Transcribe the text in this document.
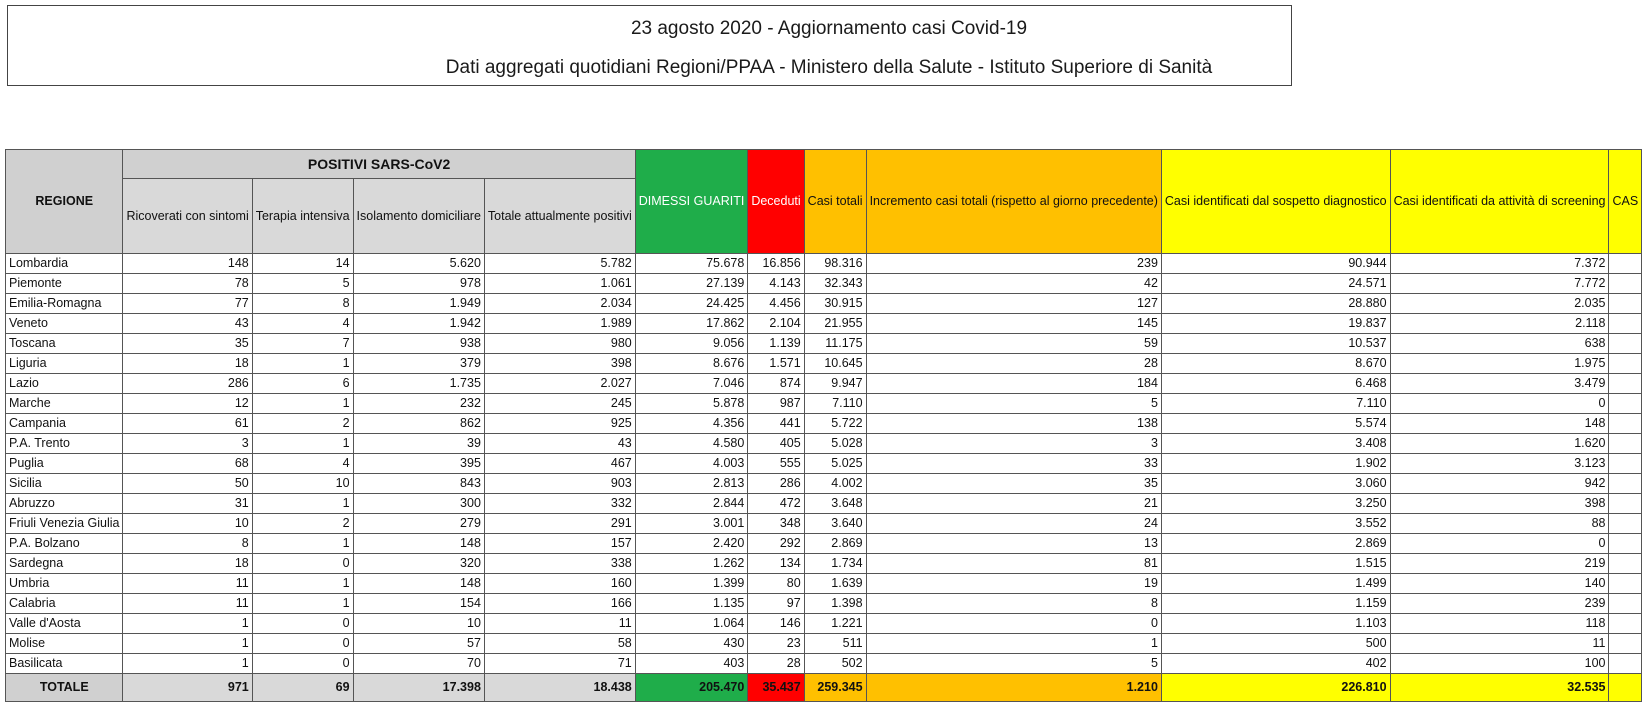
23 agosto 2020 - Aggiornamento casi Covid-19
Dati aggregati quotidiani Regioni/PPAA - Ministero della Salute - Istituto Superiore di Sanità
REGIONE	POSITIVI SARS-CoV2				DIMESSI GUARITI	Deceduti	Casi totali	Incremento casi totali (rispetto al giorno precedente)	Casi identificati dal sospetto diagnostico	Casi identificati da attività di screening	CAS
	Ricoverati con sintomi	Terapia intensiva	Isolamento domiciliare	Totale attualmente positivi							
Lombardia	148	14	5.620	5.782	75.678	16.856	98.316	239	90.944	7.372	
Piemonte	78	5	978	1.061	27.139	4.143	32.343	42	24.571	7.772	
Emilia-Romagna	77	8	1.949	2.034	24.425	4.456	30.915	127	28.880	2.035	
Veneto	43	4	1.942	1.989	17.862	2.104	21.955	145	19.837	2.118	
Toscana	35	7	938	980	9.056	1.139	11.175	59	10.537	638	
Liguria	18	1	379	398	8.676	1.571	10.645	28	8.670	1.975	
Lazio	286	6	1.735	2.027	7.046	874	9.947	184	6.468	3.479	
Marche	12	1	232	245	5.878	987	7.110	5	7.110	0	
Campania	61	2	862	925	4.356	441	5.722	138	5.574	148	
P.A. Trento	3	1	39	43	4.580	405	5.028	3	3.408	1.620	
Puglia	68	4	395	467	4.003	555	5.025	33	1.902	3.123	
Sicilia	50	10	843	903	2.813	286	4.002	35	3.060	942	
Abruzzo	31	1	300	332	2.844	472	3.648	21	3.250	398	
Friuli Venezia Giulia	10	2	279	291	3.001	348	3.640	24	3.552	88	
P.A. Bolzano	8	1	148	157	2.420	292	2.869	13	2.869	0	
Sardegna	18	0	320	338	1.262	134	1.734	81	1.515	219	
Umbria	11	1	148	160	1.399	80	1.639	19	1.499	140	
Calabria	11	1	154	166	1.135	97	1.398	8	1.159	239	
Valle d'Aosta	1	0	10	11	1.064	146	1.221	0	1.103	118	
Molise	1	0	57	58	430	23	511	1	500	11	
Basilicata	1	0	70	71	403	28	502	5	402	100	
TOTALE	971	69	17.398	18.438	205.470	35.437	259.345	1.210	226.810	32.535	
